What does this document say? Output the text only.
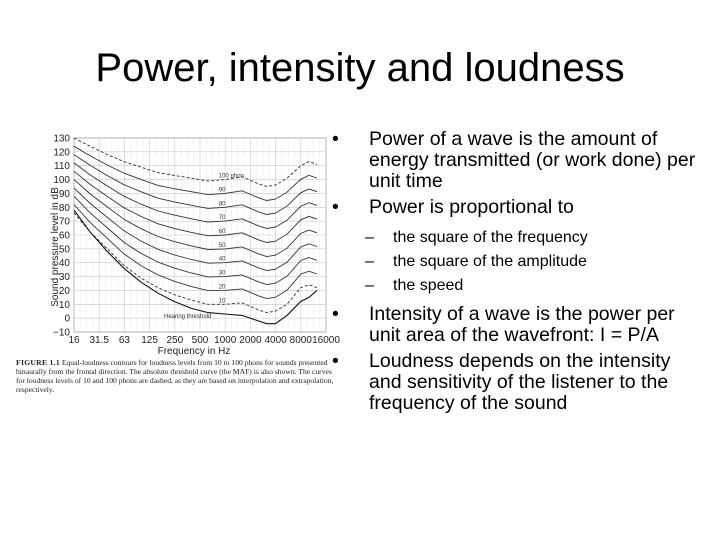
Power, intensity and loudness
130
120
110
100
90
80
70
60
50
40
30
20
10
0
−10
16 31.5 63 125 250 500 1000 2000 4000 8000 16000
100 phon
90
80
70
60
50
40
30
20
10
Sound pressure level in dB
Frequency in Hz
Hearing threshold
FIGURE 1.1 Equal-loudness contours for loudness levels from 10 to 100 phons for sounds presented binaurally from the frontal direction. The absolute threshold curve (the MAF) is also shown. The curves for loudness levels of 10 and 100 phons are dashed, as they are based on interpolation and extrapolation, respectively.
• Power of a wave is the amount of energy transmitted (or work done) per unit time
• Power is proportional to
– the square of the frequency
– the square of the amplitude
– the speed
• Intensity of a wave is the power per unit area of the wavefront: I = P/A
• Loudness depends on the intensity and sensitivity of the listener to the frequency of the sound
